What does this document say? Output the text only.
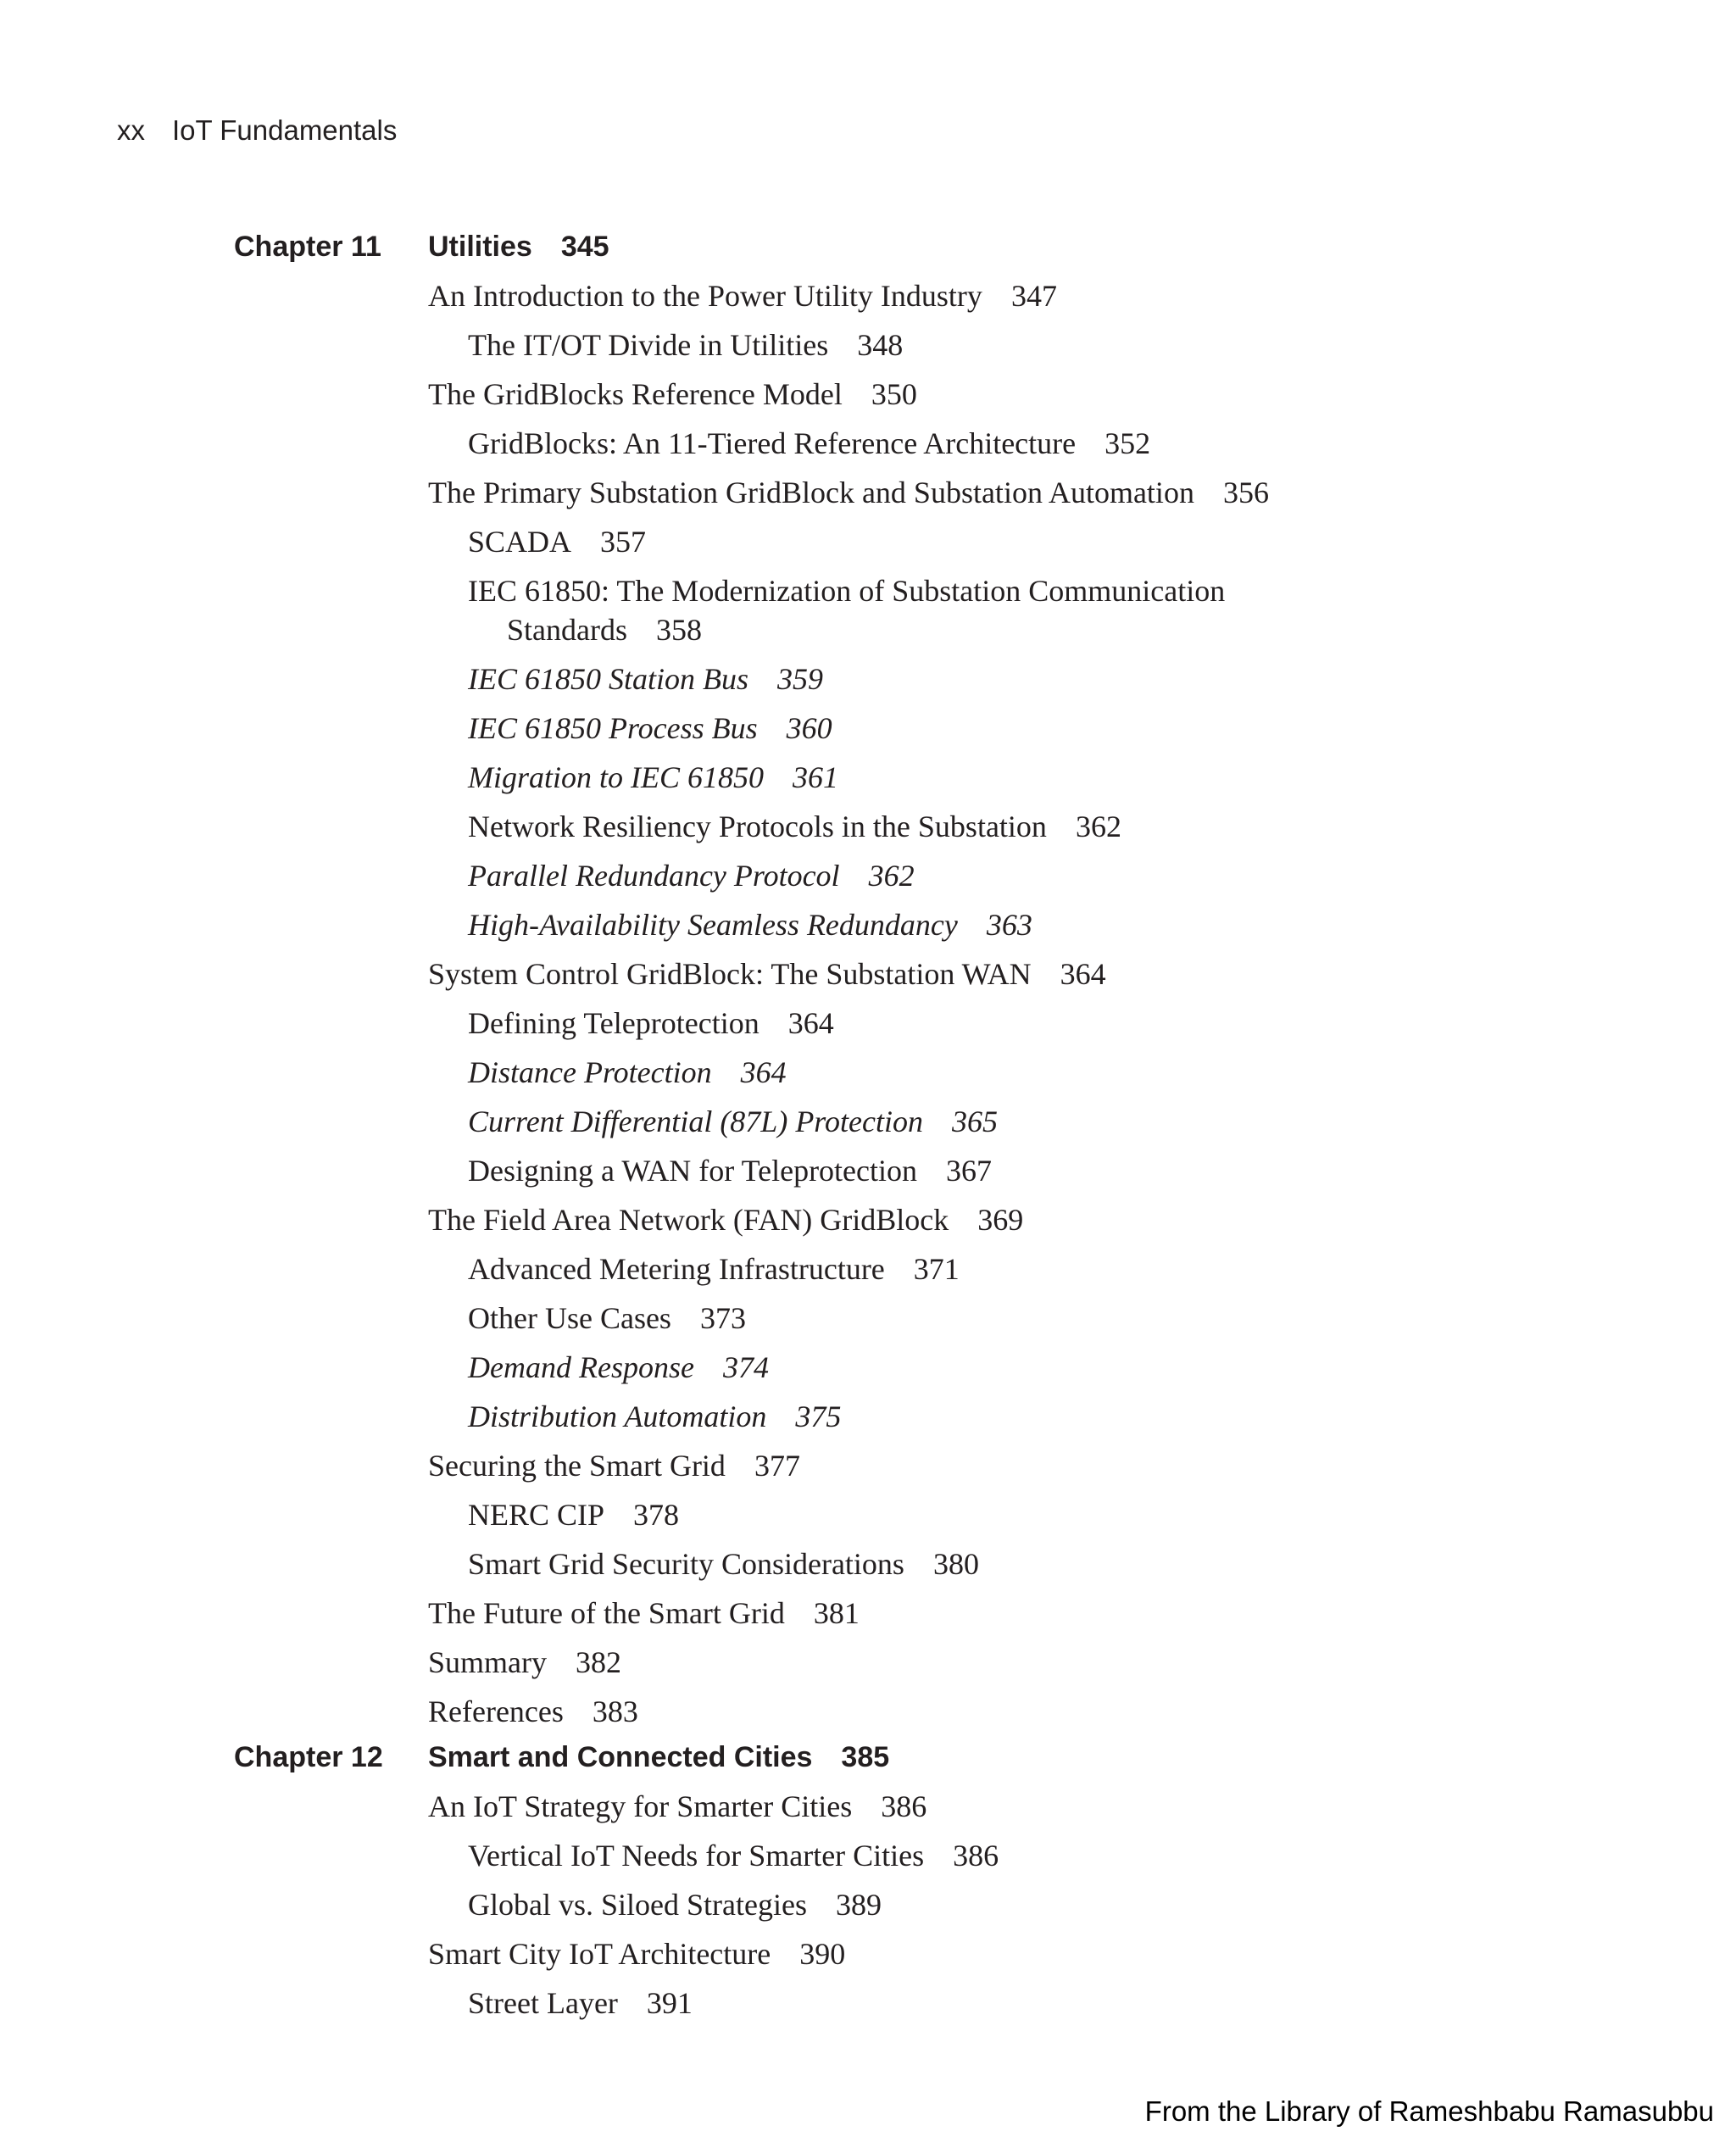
xx IoT Fundamentals
Chapter 11 Utilities 345
An Introduction to the Power Utility Industry 347
The IT/OT Divide in Utilities 348
The GridBlocks Reference Model 350
GridBlocks: An 11-Tiered Reference Architecture 352
The Primary Substation GridBlock and Substation Automation 356
SCADA 357
IEC 61850: The Modernization of Substation Communication
Standards 358
IEC 61850 Station Bus 359
IEC 61850 Process Bus 360
Migration to IEC 61850 361
Network Resiliency Protocols in the Substation 362
Parallel Redundancy Protocol 362
High-Availability Seamless Redundancy 363
System Control GridBlock: The Substation WAN 364
Defining Teleprotection 364
Distance Protection 364
Current Differential (87L) Protection 365
Designing a WAN for Teleprotection 367
The Field Area Network (FAN) GridBlock 369
Advanced Metering Infrastructure 371
Other Use Cases 373
Demand Response 374
Distribution Automation 375
Securing the Smart Grid 377
NERC CIP 378
Smart Grid Security Considerations 380
The Future of the Smart Grid 381
Summary 382
References 383
Chapter 12 Smart and Connected Cities 385
An IoT Strategy for Smarter Cities 386
Vertical IoT Needs for Smarter Cities 386
Global vs. Siloed Strategies 389
Smart City IoT Architecture 390
Street Layer 391
From the Library of Rameshbabu Ramasubbu
